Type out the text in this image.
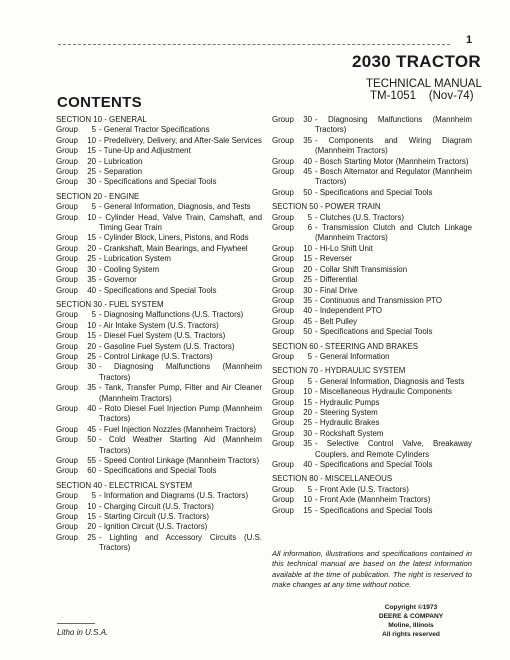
1
2030 TRACTOR
TECHNICAL MANUAL
TM-1051    (Nov-74)
CONTENTS
SECTION 10 - GENERAL
Group	5 - General Tractor Specifications
Group	10 - Predelivery, Delivery, and After-Sale Services
Group	15 - Tune-Up and Adjustment
Group	20 - Lubrication
Group	25 - Separation
Group	30 - Specifications and Special Tools
SECTION 20 - ENGINE
Group	5 - General Information, Diagnosis, and Tests
Group	10 - Cylinder Head, Valve Train, Camshaft, and Timing Gear Train
Group	15 - Cylinder Block, Liners, Pistons, and Rods
Group	20 - Crankshaft, Main Bearings, and Flywheel
Group	25 - Lubrication System
Group	30 - Cooling System
Group	35 - Governor
Group	40 - Specifications and Special Tools
SECTION 30 - FUEL SYSTEM
Group	5 - Diagnosing Malfunctions (U.S. Tractors)
Group	10 - Air Intake System (U.S. Tractors)
Group	15 - Diesel Fuel System (U.S. Tractors)
Group	20 - Gasoline Fuel System (U.S. Tractors)
Group	25 - Control Linkage (U.S. Tractors)
Group	30 - Diagnosing Malfunctions (Mannheim Tractors)
Group	35 - Tank, Transfer Pump, Filter and Air Cleaner (Mannheim Tractors)
Group	40 - Roto Diesel Fuel Injection Pump (Mannheim Tractors)
Group	45 - Fuel Injection Nozzles (Mannheim Tractors)
Group	50 - Cold Weather Starting Aid (Mannheim Tractors)
Group	55 - Speed Control Linkage (Mannheim Tractors)
Group	60 - Specifications and Special Tools
SECTION 40 - ELECTRICAL SYSTEM
Group	5 - Information and Diagrams (U.S. Tractors)
Group	10 - Charging Circuit (U.S. Tractors)
Group	15 - Starting Circuit (U.S. Tractors)
Group	20 - Ignition Circuit (U.S. Tractors)
Group	25 - Lighting and Accessory Circuits (U.S. Tractors)
Group	30 - Diagnosing Malfunctions (Mannheim Tractors)
Group	35 - Components and Wiring Diagram (Mannheim Tractors)
Group	40 - Bosch Starting Motor (Mannheim Tractors)
Group	45 - Bosch Alternator and Regulator (Mannheim Tractors)
Group	50 - Specifications and Special Tools
SECTION 50 - POWER TRAIN
Group	5 - Clutches (U.S. Tractors)
Group	6 - Transmission Clutch and Clutch Linkage (Mannheim Tractors)
Group	10 - Hi-Lo Shift Unit
Group	15 - Reverser
Group	20 - Collar Shift Transmission
Group	25 - Differential
Group	30 - Final Drive
Group	35 - Continuous and Transmission PTO
Group	40 - Independent PTO
Group	45 - Belt Pulley
Group	50 - Specifications and Special Tools
SECTION 60 - STEERING AND BRAKES
Group	5 - General Information
SECTION 70 - HYDRAULIC SYSTEM
Group	5 - General Information, Diagnosis and Tests
Group	10 - Miscellaneous Hydraulic Components
Group	15 - Hydraulic Pumps
Group	20 - Steering System
Group	25 - Hydraulic Brakes
Group	30 - Rockshaft System
Group	35 - Selective Control Valve, Breakaway Couplers, and Remote Cylinders
Group	40 - Specifications and Special Tools
SECTION 80 - MISCELLANEOUS
Group	5 - Front Axle (U.S. Tractors)
Group	10 - Front Axle (Mannheim Tractors)
Group	15 - Specifications and Special Tools
All information, illustrations and specifications contained in this technical manual are based on the latest information available at the time of publication. The right is reserved to make changes at any time without notice.
Copyright ©1973
DEERE & COMPANY
Moline, Illinois
All rights reserved
Litho in U.S.A.
